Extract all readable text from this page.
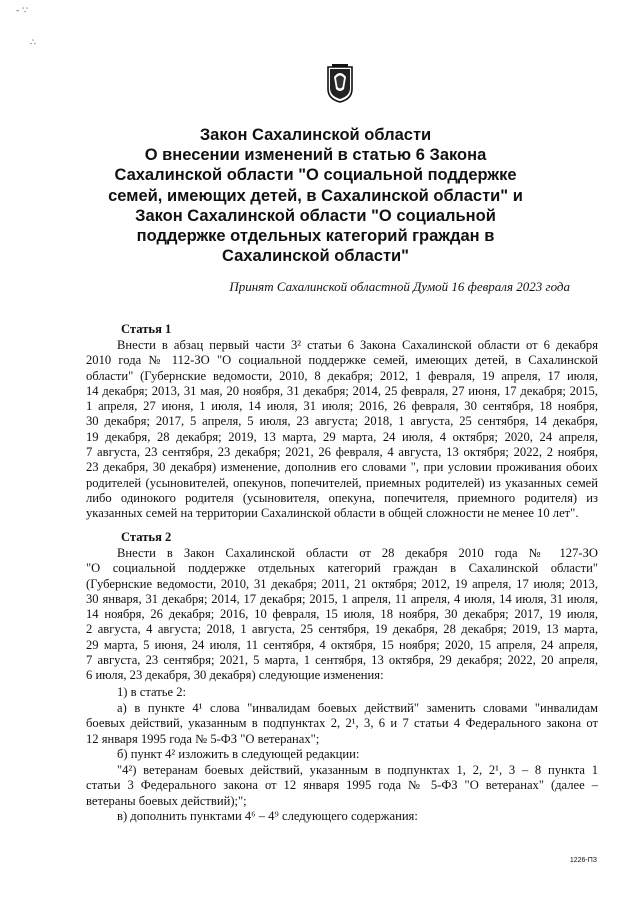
- ∵
∴
Закон Сахалинской области
О внесении изменений в статью 6 Закона
Сахалинской области "О социальной поддержке
семей, имеющих детей, в Сахалинской области" и
Закон Сахалинской области "О социальной
поддержке отдельных категорий граждан в
Сахалинской области"
Принят Сахалинской областной Думой 16 февраля 2023 года
Статья 1
Внести в абзац первый части 3² статьи 6 Закона Сахалинской области от 6 декабря
2010 года № 112-ЗО "О социальной поддержке семей, имеющих детей, в Сахалинской
области" (Губернские ведомости, 2010, 8 декабря; 2012, 1 февраля, 19 апреля, 17 июля,
14 декабря; 2013, 31 мая, 20 ноября, 31 декабря; 2014, 25 февраля, 27 июня, 17 декабря; 2015,
1 апреля, 27 июня, 1 июля, 14 июля, 31 июля; 2016, 26 февраля, 30 сентября, 18 ноября,
30 декабря; 2017, 5 апреля, 5 июля, 23 августа; 2018, 1 августа, 25 сентября, 14 декабря,
19 декабря, 28 декабря; 2019, 13 марта, 29 марта, 24 июля, 4 октября; 2020, 24 апреля,
7 августа, 23 сентября, 23 декабря; 2021, 26 февраля, 4 августа, 13 октября; 2022, 2 ноября,
23 декабря, 30 декабря) изменение, дополнив его словами ", при условии проживания обоих
родителей (усыновителей, опекунов, попечителей, приемных родителей) из указанных семей
либо одинокого родителя (усыновителя, опекуна, попечителя, приемного родителя) из
указанных семей на территории Сахалинской области в общей сложности не менее 10 лет".
Статья 2
Внести в Закон Сахалинской области от 28 декабря 2010 года № 127-ЗО
"О социальной поддержке отдельных категорий граждан в Сахалинской области"
(Губернские ведомости, 2010, 31 декабря; 2011, 21 октября; 2012, 19 апреля, 17 июля; 2013,
30 января, 31 декабря; 2014, 17 декабря; 2015, 1 апреля, 11 апреля, 4 июля, 14 июля, 31 июля,
14 ноября, 26 декабря; 2016, 10 февраля, 15 июля, 18 ноября, 30 декабря; 2017, 19 июля,
2 августа, 4 августа; 2018, 1 августа, 25 сентября, 19 декабря, 28 декабря; 2019, 13 марта,
29 марта, 5 июня, 24 июля, 11 сентября, 4 октября, 15 ноября; 2020, 15 апреля, 24 апреля,
7 августа, 23 сентября; 2021, 5 марта, 1 сентября, 13 октября, 29 декабря; 2022, 20 апреля,
6 июля, 23 декабря, 30 декабря) следующие изменения:
1) в статье 2:
а) в пункте 4¹ слова "инвалидам боевых действий" заменить словами "инвалидам
боевых действий, указанным в подпунктах 2, 2¹, 3, 6 и 7 статьи 4 Федерального закона от
12 января 1995 года № 5-ФЗ "О ветеранах";
б) пункт 4² изложить в следующей редакции:
"4²) ветеранам боевых действий, указанным в подпунктах 1, 2, 2¹, 3 – 8 пункта 1
статьи 3 Федерального закона от 12 января 1995 года № 5-ФЗ "О ветеранах" (далее –
ветераны боевых действий);";
в) дополнить пунктами 4⁶ – 4⁹ следующего содержания:
1226-ПЗ
